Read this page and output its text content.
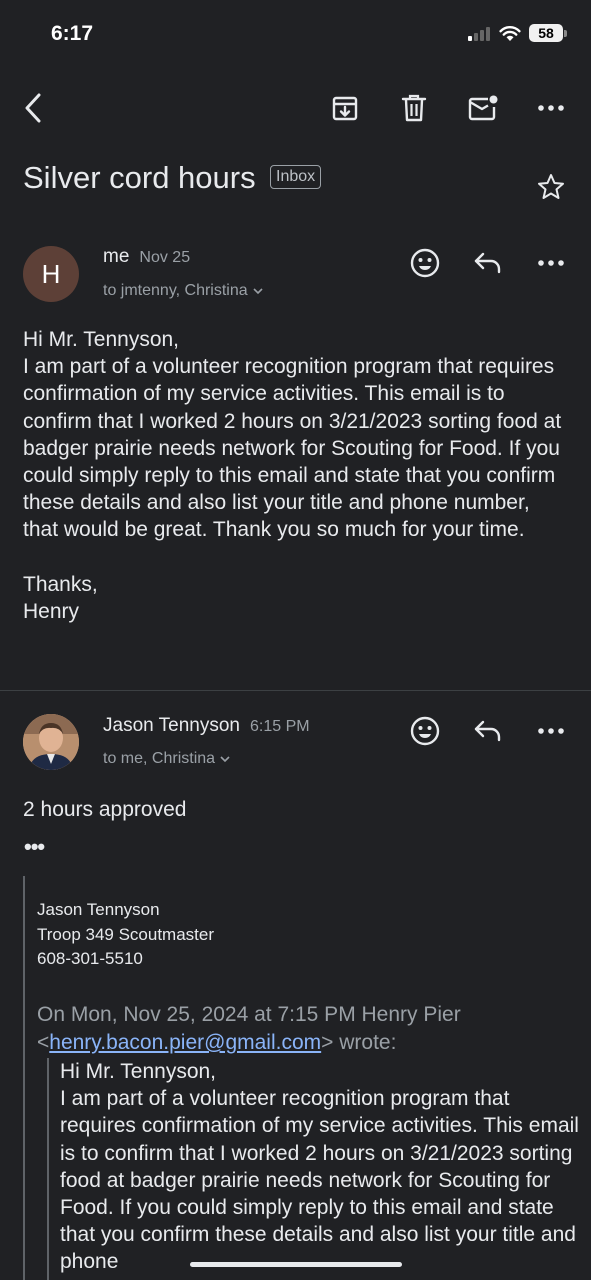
6:17	58
Silver cord hours	Inbox
H
me Nov 25
to jmtenny, Christina
Hi Mr. Tennyson,
I am part of a volunteer recognition program that requires confirmation of my service activities. This email is to confirm that I worked 2 hours on 3/21/2023 sorting food at badger prairie needs network for Scouting for Food. If you could simply reply to this email and state that you confirm these details and also list your title and phone number, that would be great. Thank you so much for your time.

Thanks,
Henry
Jason Tennyson 6:15 PM
to me, Christina
2 hours approved
•••
Jason Tennyson
Troop 349 Scoutmaster
608-301-5510
On Mon, Nov 25, 2024 at 7:15 PM Henry Pier
<henry.bacon.pier@gmail.com> wrote:
Hi Mr. Tennyson,
I am part of a volunteer recognition program that requires confirmation of my service activities. This email is to confirm that I worked 2 hours on 3/21/2023 sorting food at badger prairie needs network for Scouting for Food. If you could simply reply to this email and state that you confirm these details and also list your title and phone
